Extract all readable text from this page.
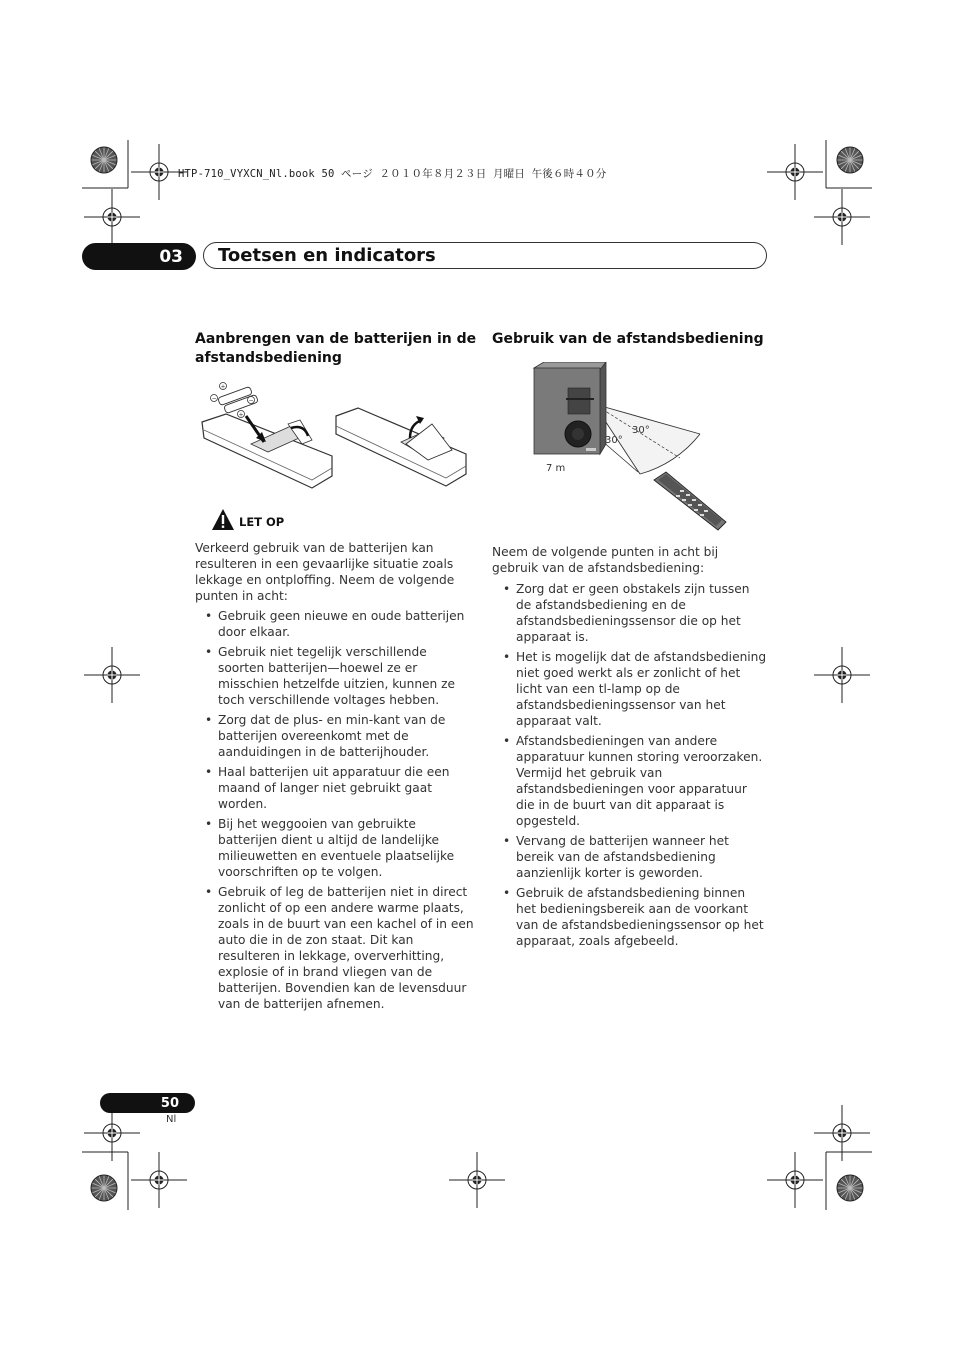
HTP-710_VYXCN_Nl.book 50 ページ ２０１０年８月２３日 月曜日 午後６時４０分
03 Toetsen en indicators
Aanbrengen van de batterijen in de afstandsbediening
+
−	−
+
LET OP
Verkeerd gebruik van de batterijen kan resulteren in een gevaarlijke situatie zoals lekkage en ontploffing. Neem de volgende punten in acht:
• Gebruik geen nieuwe en oude batterijen door elkaar.
• Gebruik niet tegelijk verschillende soorten batterijen—hoewel ze er misschien hetzelfde uitzien, kunnen ze toch verschillende voltages hebben.
• Zorg dat de plus- en min-kant van de batterijen overeenkomt met de aanduidingen in de batterijhouder.
• Haal batterijen uit apparatuur die een maand of langer niet gebruikt gaat worden.
• Bij het weggooien van gebruikte batterijen dient u altijd de landelijke milieuwetten en eventuele plaatselijke voorschriften op te volgen.
• Gebruik of leg de batterijen niet in direct zonlicht of op een andere warme plaats, zoals in de buurt van een kachel of in een auto die in de zon staat. Dit kan resulteren in lekkage, oververhitting, explosie of in brand vliegen van de batterijen. Bovendien kan de levensduur van de batterijen afnemen.
Gebruik van de afstandsbediening
30°
30°
7 m
Neem de volgende punten in acht bij gebruik van de afstandsbediening:
• Zorg dat er geen obstakels zijn tussen de afstandsbediening en de afstandsbedieningssensor die op het apparaat is.
• Het is mogelijk dat de afstandsbediening niet goed werkt als er zonlicht of het licht van een tl-lamp op de afstandsbedieningssensor van het apparaat valt.
• Afstandsbedieningen van andere apparatuur kunnen storing veroorzaken. Vermijd het gebruik van afstandsbedieningen voor apparatuur die in de buurt van dit apparaat is opgesteld.
• Vervang de batterijen wanneer het bereik van de afstandsbediening aanzienlijk korter is geworden.
• Gebruik de afstandsbediening binnen het bedieningsbereik aan de voorkant van de afstandsbedieningssensor op het apparaat, zoals afgebeeld.
50
Nl
